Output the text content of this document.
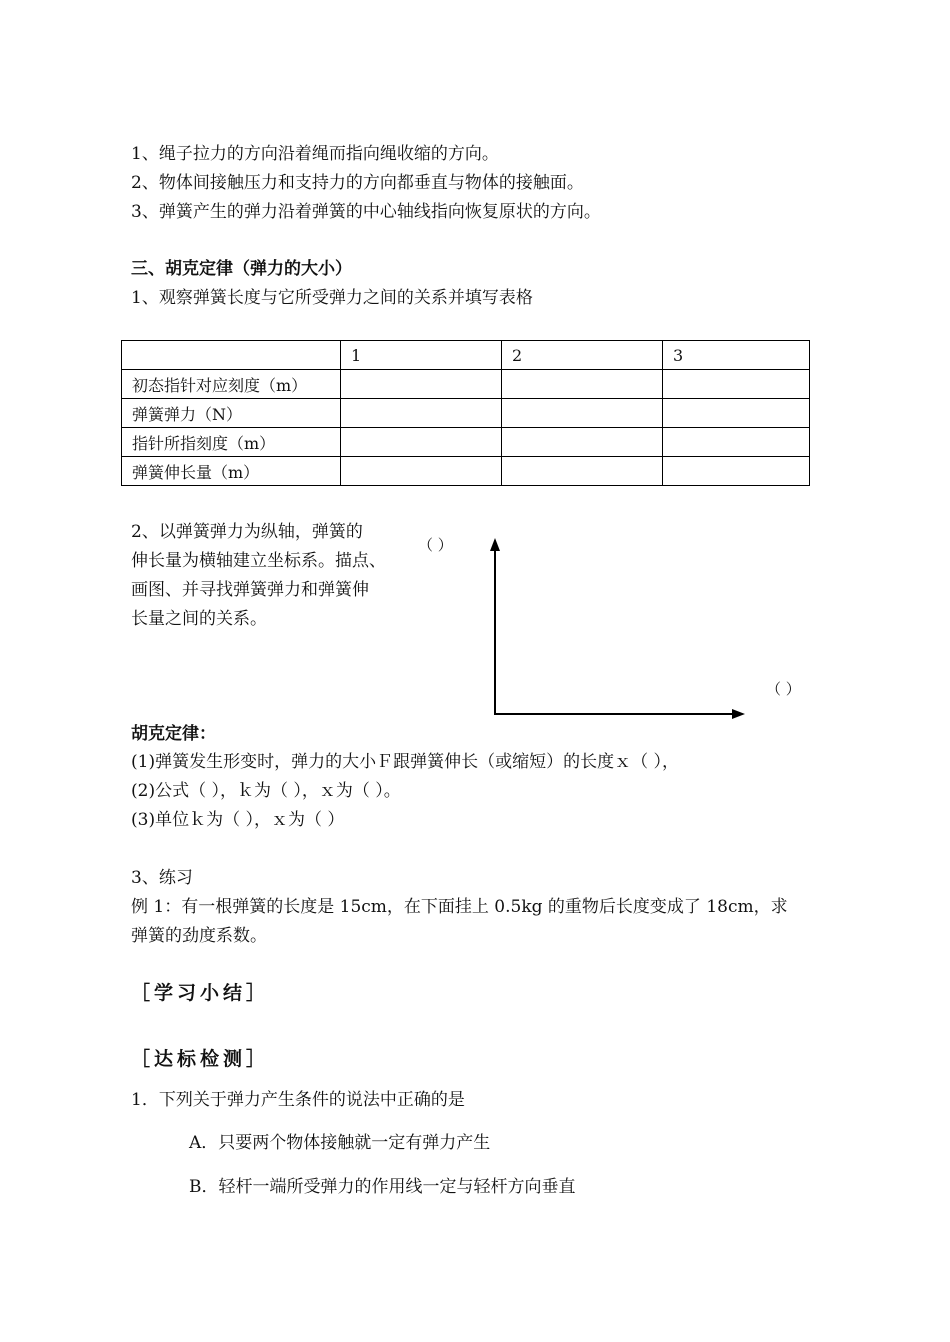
1、绳子拉力的方向沿着绳而指向绳收缩的方向。
2、物体间接触压力和支持力的方向都垂直与物体的接触面。
3、弹簧产生的弹力沿着弹簧的中心轴线指向恢复原状的方向。
三、胡克定律（弹力的大小）
1、观察弹簧长度与它所受弹力之间的关系并填写表格
	1	2	3
初态指针对应刻度（m）			
弹簧弹力（N）			
指针所指刻度（m）			
弹簧伸长量（m）			
2、以弹簧弹力为纵轴，弹簧的
伸长量为横轴建立坐标系。描点、
画图、并寻找弹簧弹力和弹簧伸
长量之间的关系。
（ ）
（ ）
胡克定律：
(1)弹簧发生形变时，弹力的大小Ｆ跟弹簧伸长（或缩短）的长度ｘ（ ），
(2)公式（ ），ｋ为（ ），ｘ为（ ）。
(3)单位ｋ为（ ），ｘ为（ ）
3、练习
例 1：有一根弹簧的长度是 15cm，在下面挂上 0.5kg 的重物后长度变成了 18cm，求
弹簧的劲度系数。
［学习小结］
［达标检测］
1．下列关于弹力产生条件的说法中正确的是
A．只要两个物体接触就一定有弹力产生
B．轻杆一端所受弹力的作用线一定与轻杆方向垂直
